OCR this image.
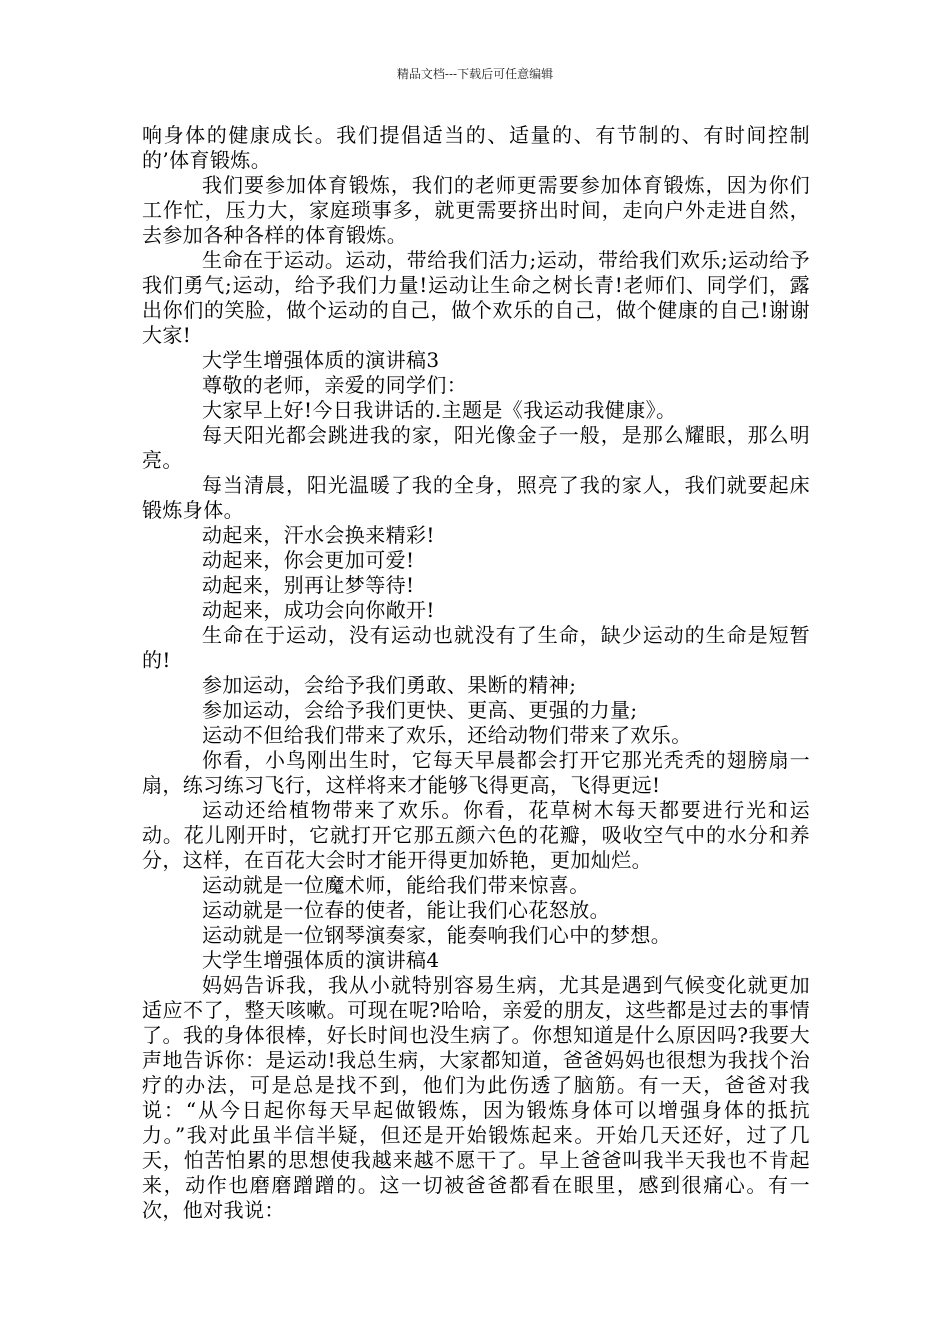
精品文档---下载后可任意编辑

响身体的健康成长。我们提倡适当的、适量的、有节制的、有时间控制的’体育锻炼。

我们要参加体育锻炼，我们的老师更需要参加体育锻炼，因为你们工作忙，压力大，家庭琐事多，就更需要挤出时间，走向户外走进自然，去参加各种各样的体育锻炼。

生命在于运动。运动，带给我们活力;运动，带给我们欢乐;运动给予我们勇气;运动，给予我们力量!运动让生命之树长青!老师们、同学们，露出你们的笑脸，做个运动的自己，做个欢乐的自己，做个健康的自己!谢谢大家!

大学生增强体质的演讲稿3

尊敬的老师，亲爱的同学们：

大家早上好!今日我讲话的.主题是《我运动我健康》。

每天阳光都会跳进我的家，阳光像金子一般，是那么耀眼，那么明亮。

每当清晨，阳光温暖了我的全身，照亮了我的家人，我们就要起床锻炼身体。

动起来，汗水会换来精彩!

动起来，你会更加可爱!

动起来，别再让梦等待!

动起来，成功会向你敞开!

生命在于运动，没有运动也就没有了生命，缺少运动的生命是短暂的!

参加运动，会给予我们勇敢、果断的精神;

参加运动，会给予我们更快、更高、更强的力量;

运动不但给我们带来了欢乐，还给动物们带来了欢乐。

你看，小鸟刚出生时，它每天早晨都会打开它那光秃秃的翅膀扇一扇，练习练习飞行，这样将来才能够飞得更高，飞得更远!

运动还给植物带来了欢乐。你看，花草树木每天都要进行光和运动。花儿刚开时，它就打开它那五颜六色的花瓣，吸收空气中的水分和养分，这样，在百花大会时才能开得更加娇艳，更加灿烂。

运动就是一位魔术师，能给我们带来惊喜。

运动就是一位春的使者，能让我们心花怒放。

运动就是一位钢琴演奏家，能奏响我们心中的梦想。

大学生增强体质的演讲稿4

妈妈告诉我，我从小就特别容易生病，尤其是遇到气候变化就更加适应不了，整天咳嗽。可现在呢?哈哈，亲爱的朋友，这些都是过去的事情了。我的身体很棒，好长时间也没生病了。你想知道是什么原因吗?我要大声地告诉你：是运动!我总生病，大家都知道，爸爸妈妈也很想为我找个治疗的办法，可是总是找不到，他们为此伤透了脑筋。有一天，爸爸对我说：“从今日起你每天早起做锻炼，因为锻炼身体可以增强身体的抵抗力。”我对此虽半信半疑，但还是开始锻炼起来。开始几天还好，过了几天，怕苦怕累的思想使我越来越不愿干了。早上爸爸叫我半天我也不肯起来，动作也磨磨蹭蹭的。这一切被爸爸都看在眼里，感到很痛心。有一次，他对我说：
